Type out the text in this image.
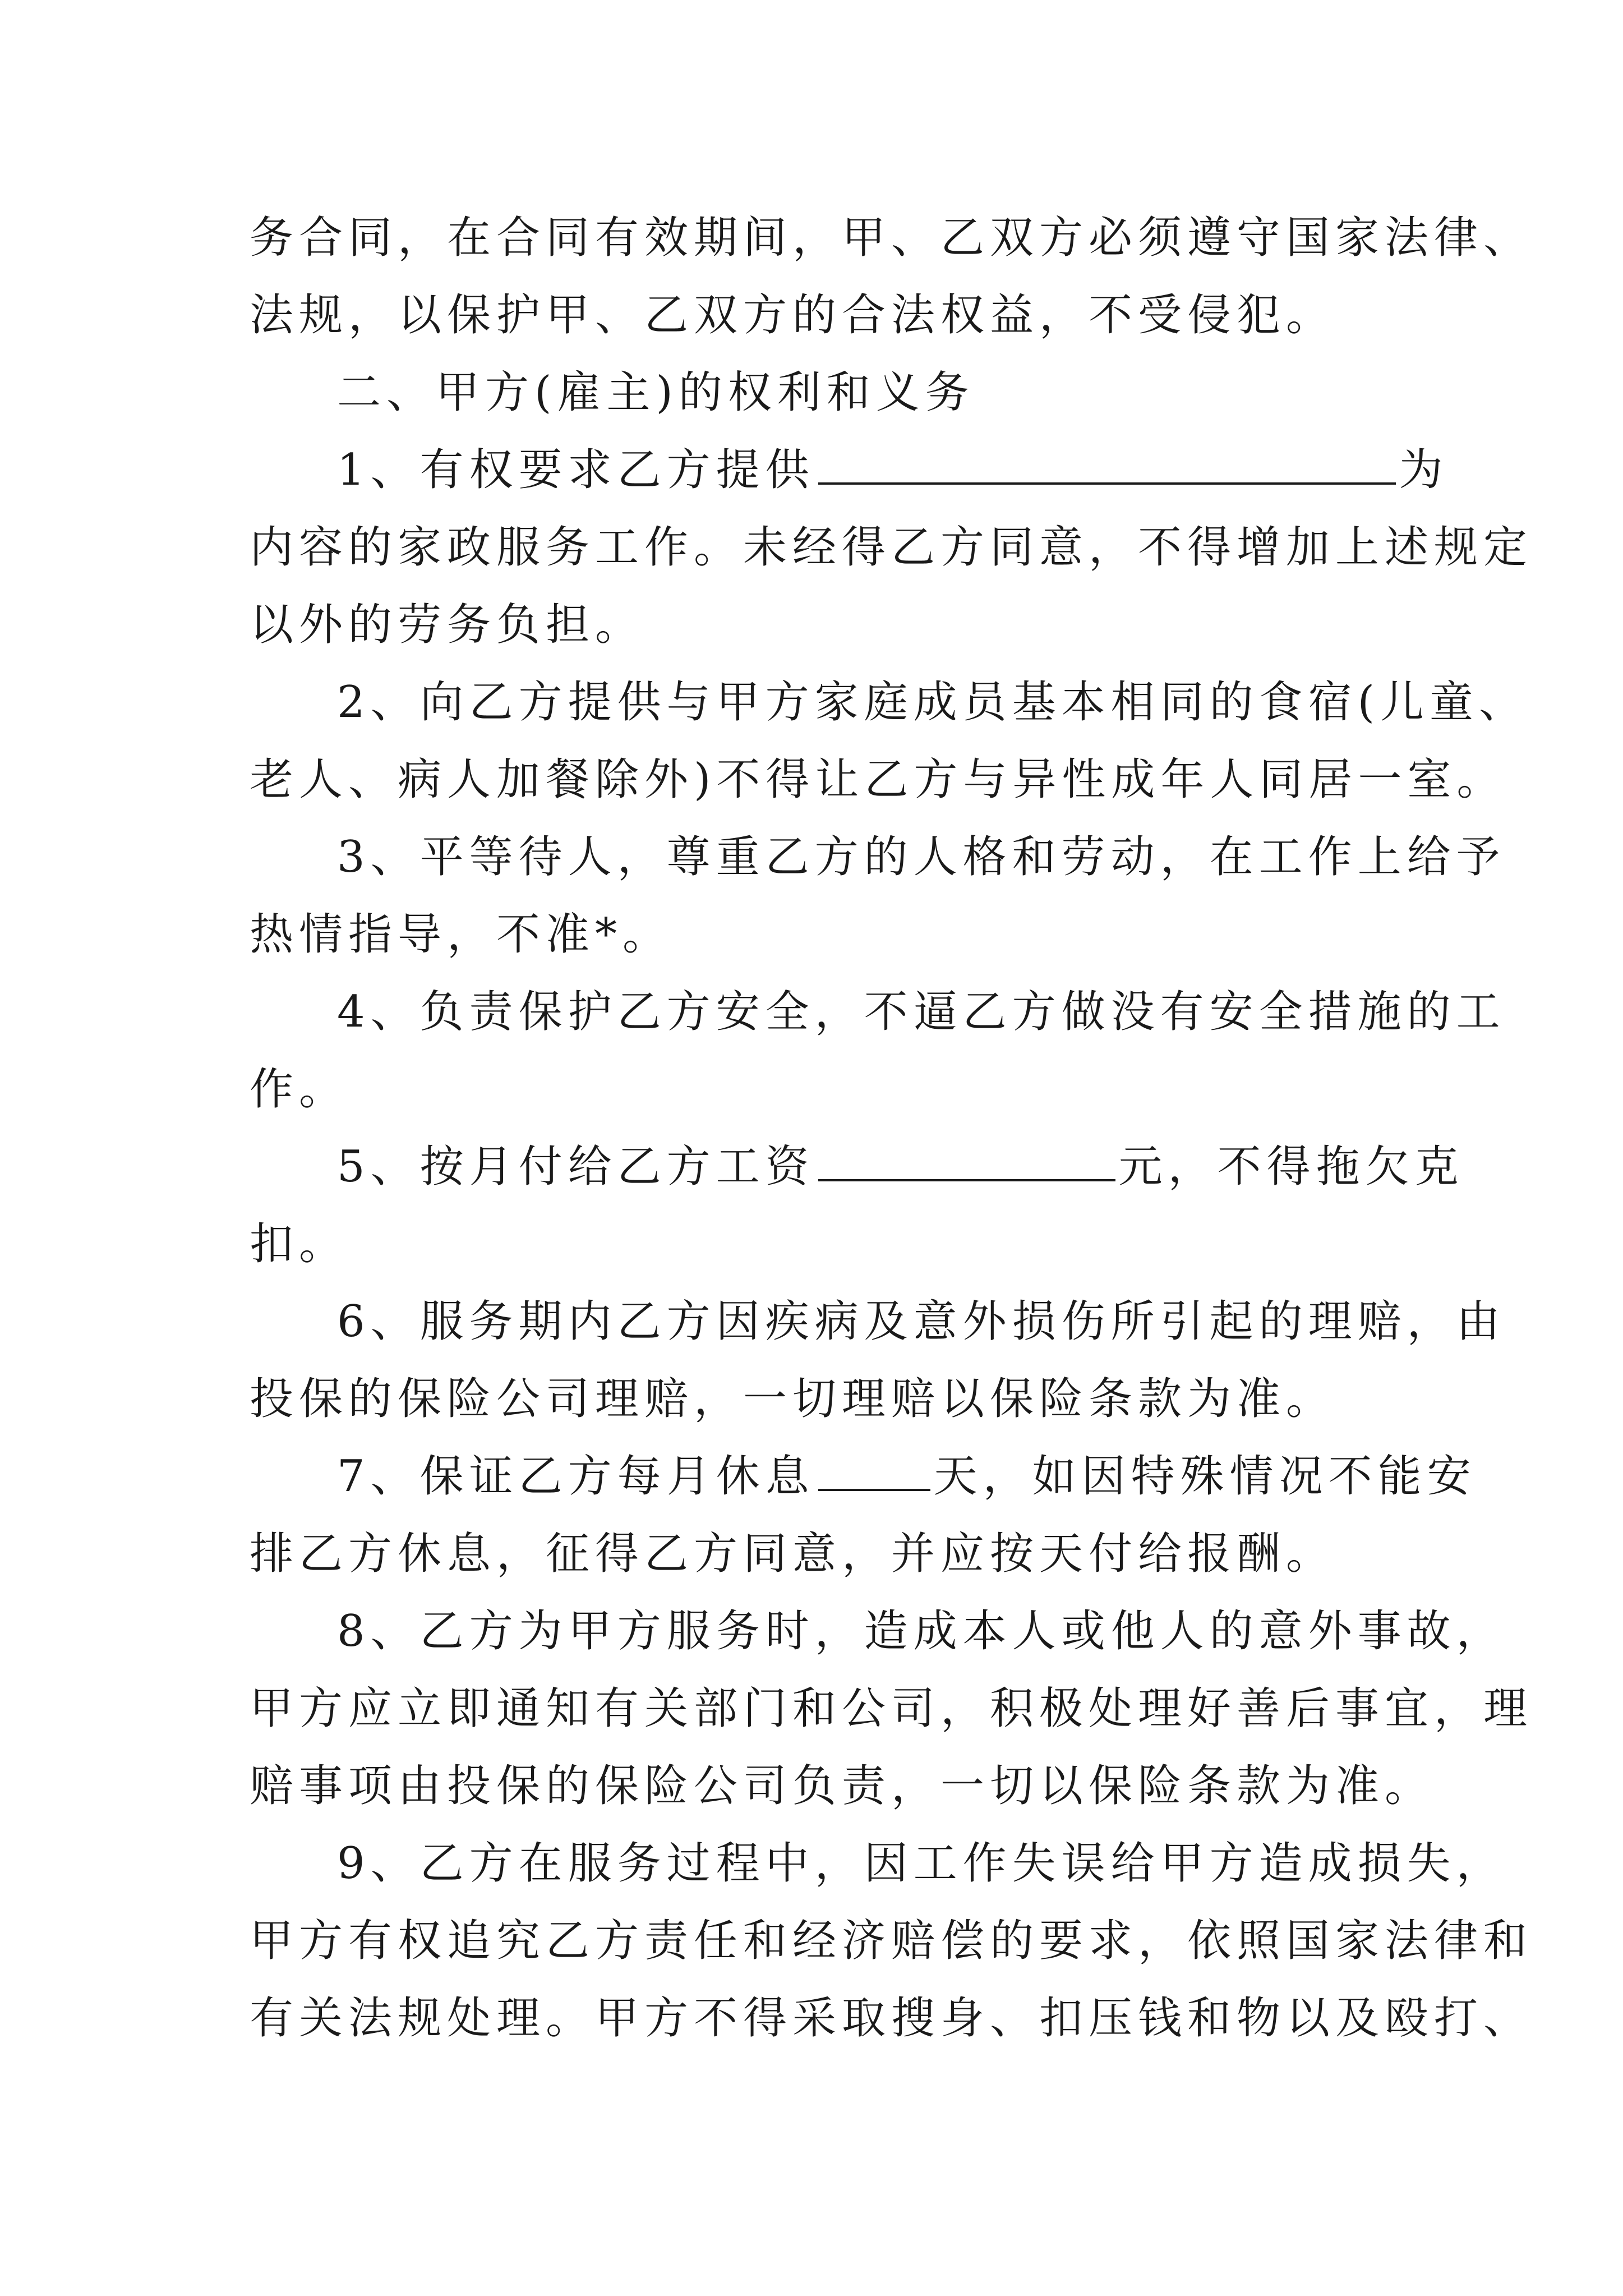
务合同，在合同有效期间，甲、乙双方必须遵守国家法律、
法规，以保护甲、乙双方的合法权益，不受侵犯。
二、甲方(雇主)的权利和义务
1、有权要求乙方提供	为
内容的家政服务工作。未经得乙方同意，不得增加上述规定
以外的劳务负担。
2、向乙方提供与甲方家庭成员基本相同的食宿(儿童、
老人、病人加餐除外)不得让乙方与异性成年人同居一室。
3、平等待人，尊重乙方的人格和劳动，在工作上给予
热情指导，不准*。
4、负责保护乙方安全，不逼乙方做没有安全措施的工
作。
5、按月付给乙方工资	元，不得拖欠克
扣。
6、服务期内乙方因疾病及意外损伤所引起的理赔，由
投保的保险公司理赔，一切理赔以保险条款为准。
7、保证乙方每月休息	天，如因特殊情况不能安
排乙方休息，征得乙方同意，并应按天付给报酬。
8、乙方为甲方服务时，造成本人或他人的意外事故，
甲方应立即通知有关部门和公司，积极处理好善后事宜，理
赔事项由投保的保险公司负责，一切以保险条款为准。
9、乙方在服务过程中，因工作失误给甲方造成损失，
甲方有权追究乙方责任和经济赔偿的要求，依照国家法律和
有关法规处理。甲方不得采取搜身、扣压钱和物以及殴打、
